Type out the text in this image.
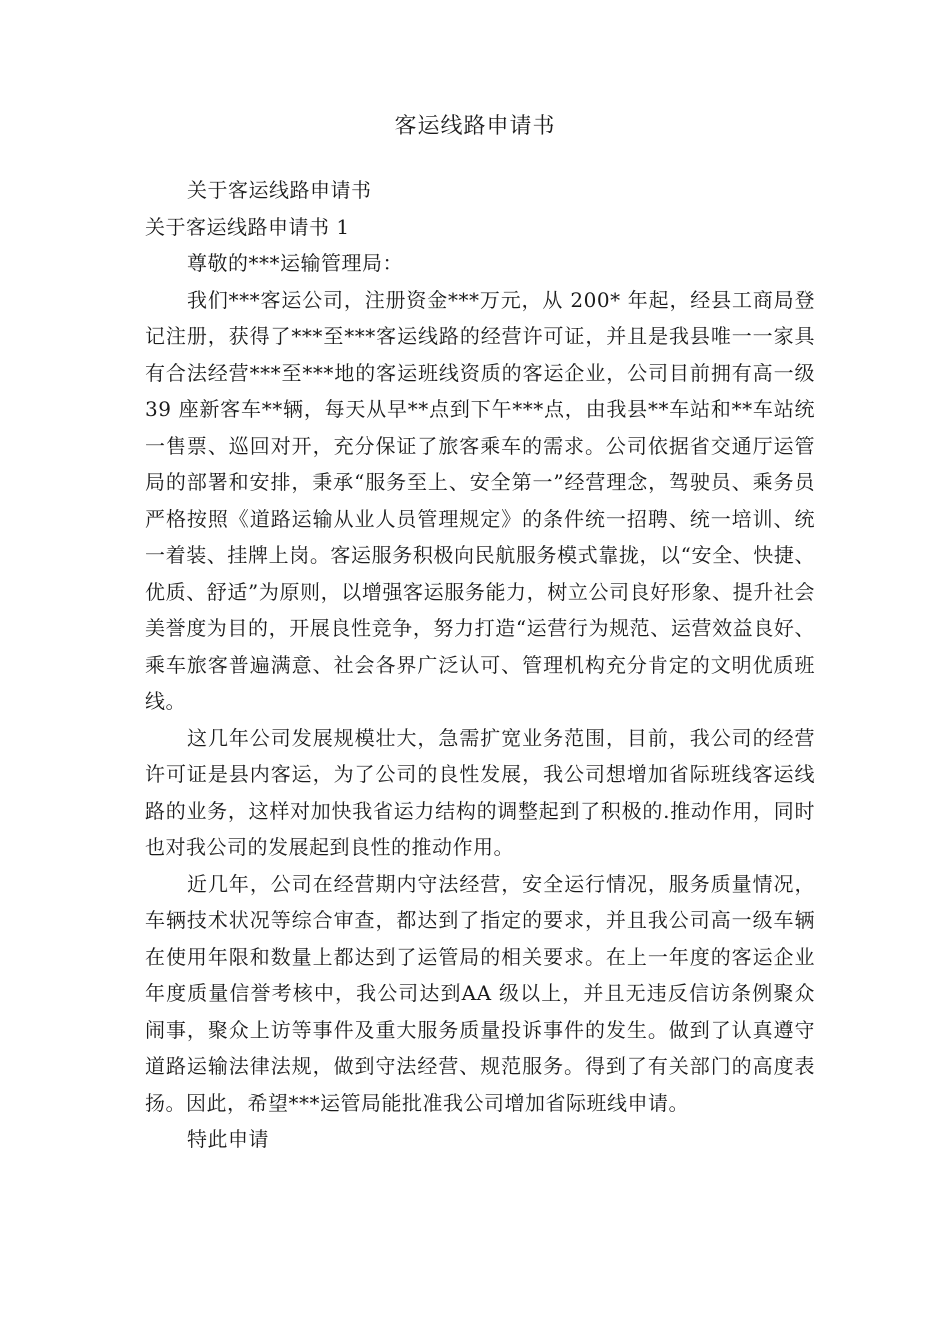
客运线路申请书

关于客运线路申请书

关于客运线路申请书 1

尊敬的***运输管理局：

我们***客运公司，注册资金***万元，从 200* 年起，经县工商局登记注册，获得了***至***客运线路的经营许可证，并且是我县唯一一家具有合法经营***至***地的客运班线资质的客运企业，公司目前拥有高一级 39 座新客车**辆，每天从早**点到下午***点，由我县**车站和**车站统一售票、巡回对开，充分保证了旅客乘车的需求。公司依据省交通厅运管局的部署和安排，秉承“服务至上、安全第一”经营理念，驾驶员、乘务员严格按照《道路运输从业人员管理规定》的条件统一招聘、统一培训、统一着装、挂牌上岗。客运服务积极向民航服务模式靠拢，以“安全、快捷、优质、舒适”为原则，以增强客运服务能力，树立公司良好形象、提升社会美誉度为目的，开展良性竞争，努力打造“运营行为规范、运营效益良好、乘车旅客普遍满意、社会各界广泛认可、管理机构充分肯定的文明优质班线。

这几年公司发展规模壮大，急需扩宽业务范围，目前，我公司的经营许可证是县内客运，为了公司的良性发展，我公司想增加省际班线客运线路的业务，这样对加快我省运力结构的调整起到了积极的.推动作用，同时也对我公司的发展起到良性的推动作用。

近几年，公司在经营期内守法经营，安全运行情况，服务质量情况，车辆技术状况等综合审查，都达到了指定的要求，并且我公司高一级车辆在使用年限和数量上都达到了运管局的相关要求。在上一年度的客运企业年度质量信誉考核中，我公司达到AA 级以上，并且无违反信访条例聚众闹事，聚众上访等事件及重大服务质量投诉事件的发生。做到了认真遵守道路运输法律法规，做到守法经营、规范服务。得到了有关部门的高度表扬。因此，希望***运管局能批准我公司增加省际班线申请。

特此申请
